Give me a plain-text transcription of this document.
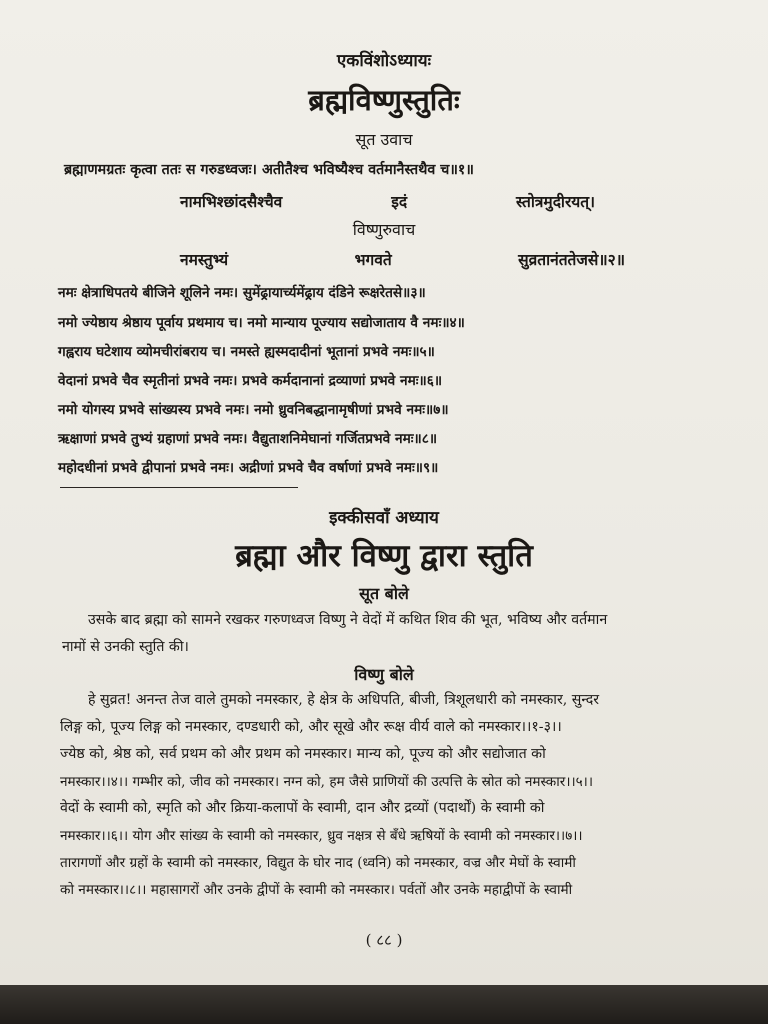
एकविंशोऽध्यायः
ब्रह्मविष्णुस्तुतिः
सूत उवाच
ब्रह्माणमग्रतः कृत्वा ततः स गरुडध्वजः। अतीतैश्च भविष्यैश्च वर्तमानैस्तथैव च॥१॥
नामभिश्छांदसैश्चैव	इदं	स्तोत्रमुदीरयत्।
विष्णुरुवाच
नमस्तुभ्यं	भगवते	सुव्रतानंततेजसे॥२॥
नमः क्षेत्राधिपतये बीजिने शूलिने नमः। सुमेंढ्रायार्च्यमेंढ्राय दंडिने रूक्षरेतसे॥३॥
नमो ज्येष्ठाय श्रेष्ठाय पूर्वाय प्रथमाय च। नमो मान्याय पूज्याय सद्योजाताय वै नमः॥४॥
गह्वराय घटेशाय व्योमचीरांबराय च। नमस्ते ह्यस्मदादीनां भूतानां प्रभवे नमः॥५॥
वेदानां प्रभवे चैव स्मृतीनां प्रभवे नमः। प्रभवे कर्मदानानां द्रव्याणां प्रभवे नमः॥६॥
नमो योगस्य प्रभवे सांख्यस्य प्रभवे नमः। नमो ध्रुवनिबद्धानामृषीणां प्रभवे नमः॥७॥
ऋक्षाणां प्रभवे तुभ्यं ग्रहाणां प्रभवे नमः। वैद्युताशनिमेघानां गर्जितप्रभवे नमः॥८॥
महोदधीनां प्रभवे द्वीपानां प्रभवे नमः। अद्रीणां प्रभवे चैव वर्षाणां प्रभवे नमः॥९॥
इक्कीसवाँ अध्याय
ब्रह्मा और विष्णु द्वारा स्तुति
सूत बोले
उसके बाद ब्रह्मा को सामने रखकर गरुणध्वज विष्णु ने वेदों में कथित शिव की भूत, भविष्य और वर्तमान
नामों से उनकी स्तुति की।
विष्णु बोले
हे सुव्रत! अनन्त तेज वाले तुमको नमस्कार, हे क्षेत्र के अधिपति, बीजी, त्रिशूलधारी को नमस्कार, सुन्दर
लिङ्ग को, पूज्य लिङ्ग को नमस्कार, दण्डधारी को, और सूखे और रूक्ष वीर्य वाले को नमस्कार।।१-३।।
ज्येष्ठ को, श्रेष्ठ को, सर्व प्रथम को और प्रथम को नमस्कार। मान्य को, पूज्य को और सद्योजात को
नमस्कार।।४।। गम्भीर को, जीव को नमस्कार। नग्न को, हम जैसे प्राणियों की उत्पत्ति के स्रोत को नमस्कार।।५।।
वेदों के स्वामी को, स्मृति को और क्रिया-कलापों के स्वामी, दान और द्रव्यों (पदार्थों) के स्वामी को
नमस्कार।।६।। योग और सांख्य के स्वामी को नमस्कार, ध्रुव नक्षत्र से बँधे ऋषियों के स्वामी को नमस्कार।।७।।
तारागणों और ग्रहों के स्वामी को नमस्कार, विद्युत के घोर नाद (ध्वनि) को नमस्कार, वज्र और मेघों के स्वामी
को नमस्कार।।८।। महासागरों और उनके द्वीपों के स्वामी को नमस्कार। पर्वतों और उनके महाद्वीपों के स्वामी
( ८८ )
